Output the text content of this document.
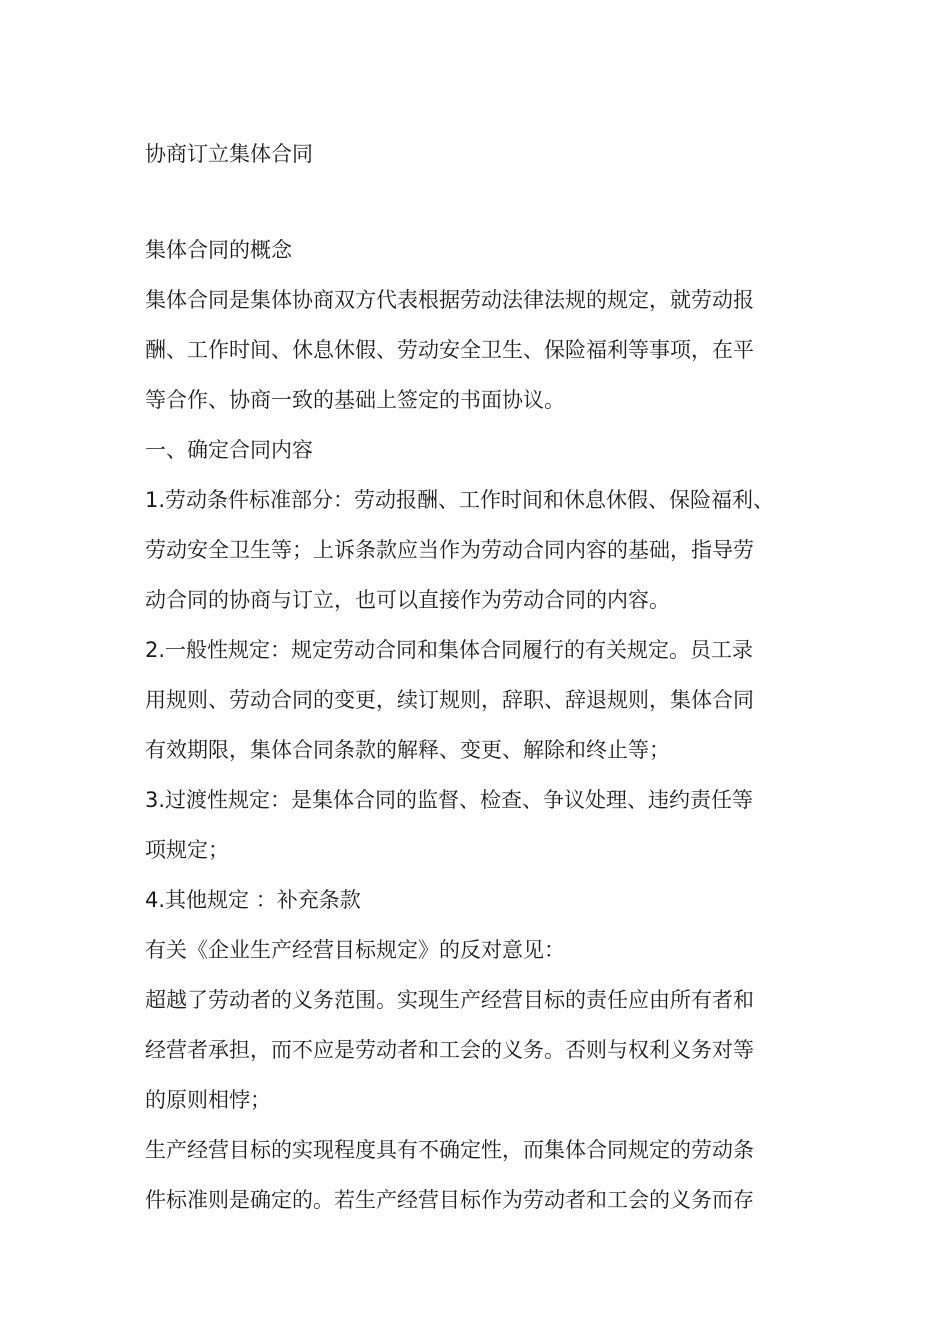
协商订立集体合同
集体合同的概念
集体合同是集体协商双方代表根据劳动法律法规的规定，就劳动报
酬、工作时间、休息休假、劳动安全卫生、保险福利等事项，在平
等合作、协商一致的基础上签定的书面协议。
一、确定合同内容
1.劳动条件标准部分：劳动报酬、工作时间和休息休假、保险福利、
劳动安全卫生等；上诉条款应当作为劳动合同内容的基础，指导劳
动合同的协商与订立，也可以直接作为劳动合同的内容。
2.一般性规定：规定劳动合同和集体合同履行的有关规定。员工录
用规则、劳动合同的变更，续订规则，辞职、辞退规则，集体合同
有效期限，集体合同条款的解释、变更、解除和终止等；
3.过渡性规定：是集体合同的监督、检查、争议处理、违约责任等
项规定；
4.其他规定 ：补充条款
有关《企业生产经营目标规定》的反对意见：
超越了劳动者的义务范围。实现生产经营目标的责任应由所有者和
经营者承担，而不应是劳动者和工会的义务。否则与权利义务对等
的原则相悖；
生产经营目标的实现程度具有不确定性，而集体合同规定的劳动条
件标准则是确定的。若生产经营目标作为劳动者和工会的义务而存
